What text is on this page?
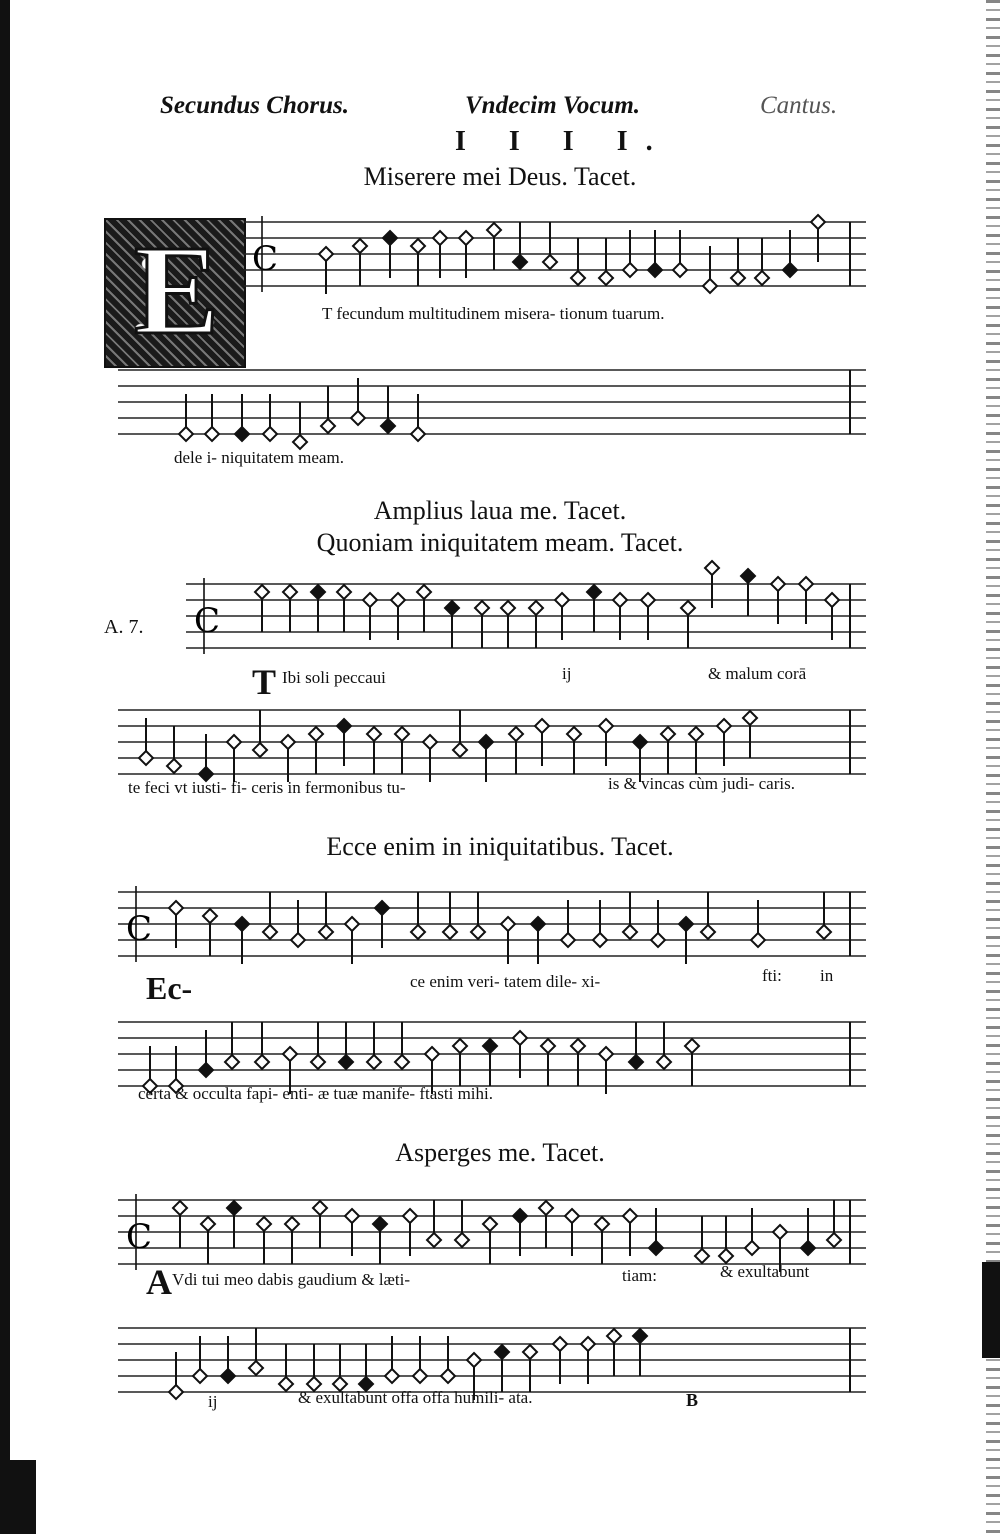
Secundus Chorus.	Vndecim Vocum.	Cantus.
I I I I.
Miserere mei Deus. Tacet.
E C
T fecundum multitudinem misera- tionum tuarum.
dele i- niquitatem meam.
Amplius laua me. Tacet.
Quoniam iniquitatem meam. Tacet.
A. 7. C
T Ibi soli peccaui	ij	& malum corā
te feci vt iusti- fi- ceris in fermonibus tu-	is & vincas cùm judi- caris.
Ecce enim in iniquitatibus. Tacet.
C
Ec-	ce enim veri- tatem dile- xi-	fti: in
certa & occulta fapi- enti- æ tuæ manife- ftasti mihi.
Asperges me. Tacet.
C
A Vdi tui meo dabis gaudium & læti-	tiam:	& exultabunt
ij	& exultabunt offa offa humili- ata.	B
